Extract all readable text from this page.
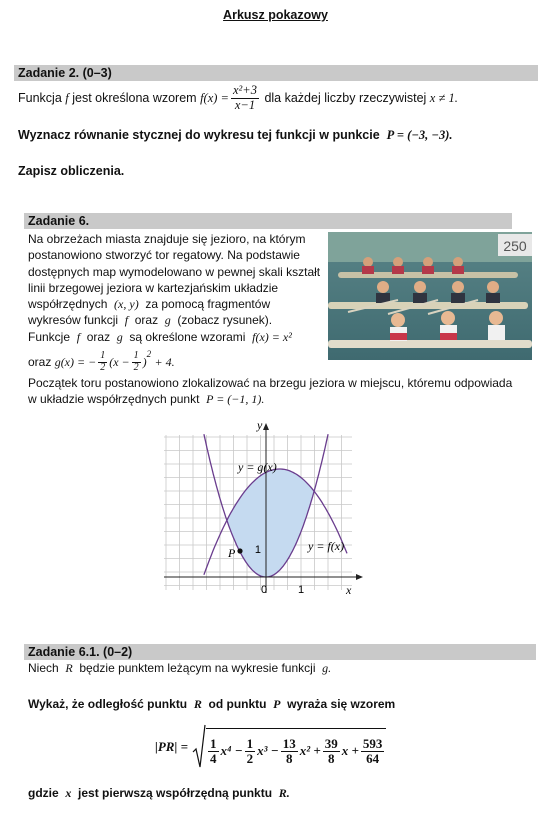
Arkusz pokazowy
Zadanie 2. (0–3)
Funkcja
f
jest określona wzorem
$f(x) = \frac{\text{x²+3}}{x-1}$
dla każdej liczby rzeczywistej
x ≠ 1.
Wyznacz równanie stycznej do wykresu tej funkcji w punkcie P = (−3, −3).
Zapisz obliczenia.
Zadanie 6.
Na obrzeżach miasta znajduje się jezioro, na którym
postanowiono stworzyć tor regatowy. Na podstawie
dostępnych map wymodelowano w pewnej skali kształt
linii brzegowej jeziora w kartezjańskim układzie
współrzędnych (x, y) za pomocą fragmentów
wykresów funkcji f oraz g (zobacz rysunek).
Funkcje f oraz g są określone wzorami f(x) = x²
oraz
g(x) = − $\frac{1}{2} (x - \frac{1}{2}$ )
$^2$

+ 4.
Początek toru postanowiono zlokalizować na brzegu jeziora w miejscu, któremu odpowiada
w układzie współrzędnych punkt P = (−1, 1).
250
y
x
0	1
1
y = g(x)
y = f(x)
P
Zadanie 6.1. (0–2)
Niech R będzie punktem leżącym na wykresie funkcji g.
Wykaż, że odległość punktu R od punktu P wyraża się wzorem
$|PR| = \frac{1}{4} x^4 - \frac{1}{2} x^3 - \frac{13}{8} x^2 + \frac{39}{8}$ $x + \frac{593}{64}$
gdzie x jest pierwszą współrzędną punktu R.
